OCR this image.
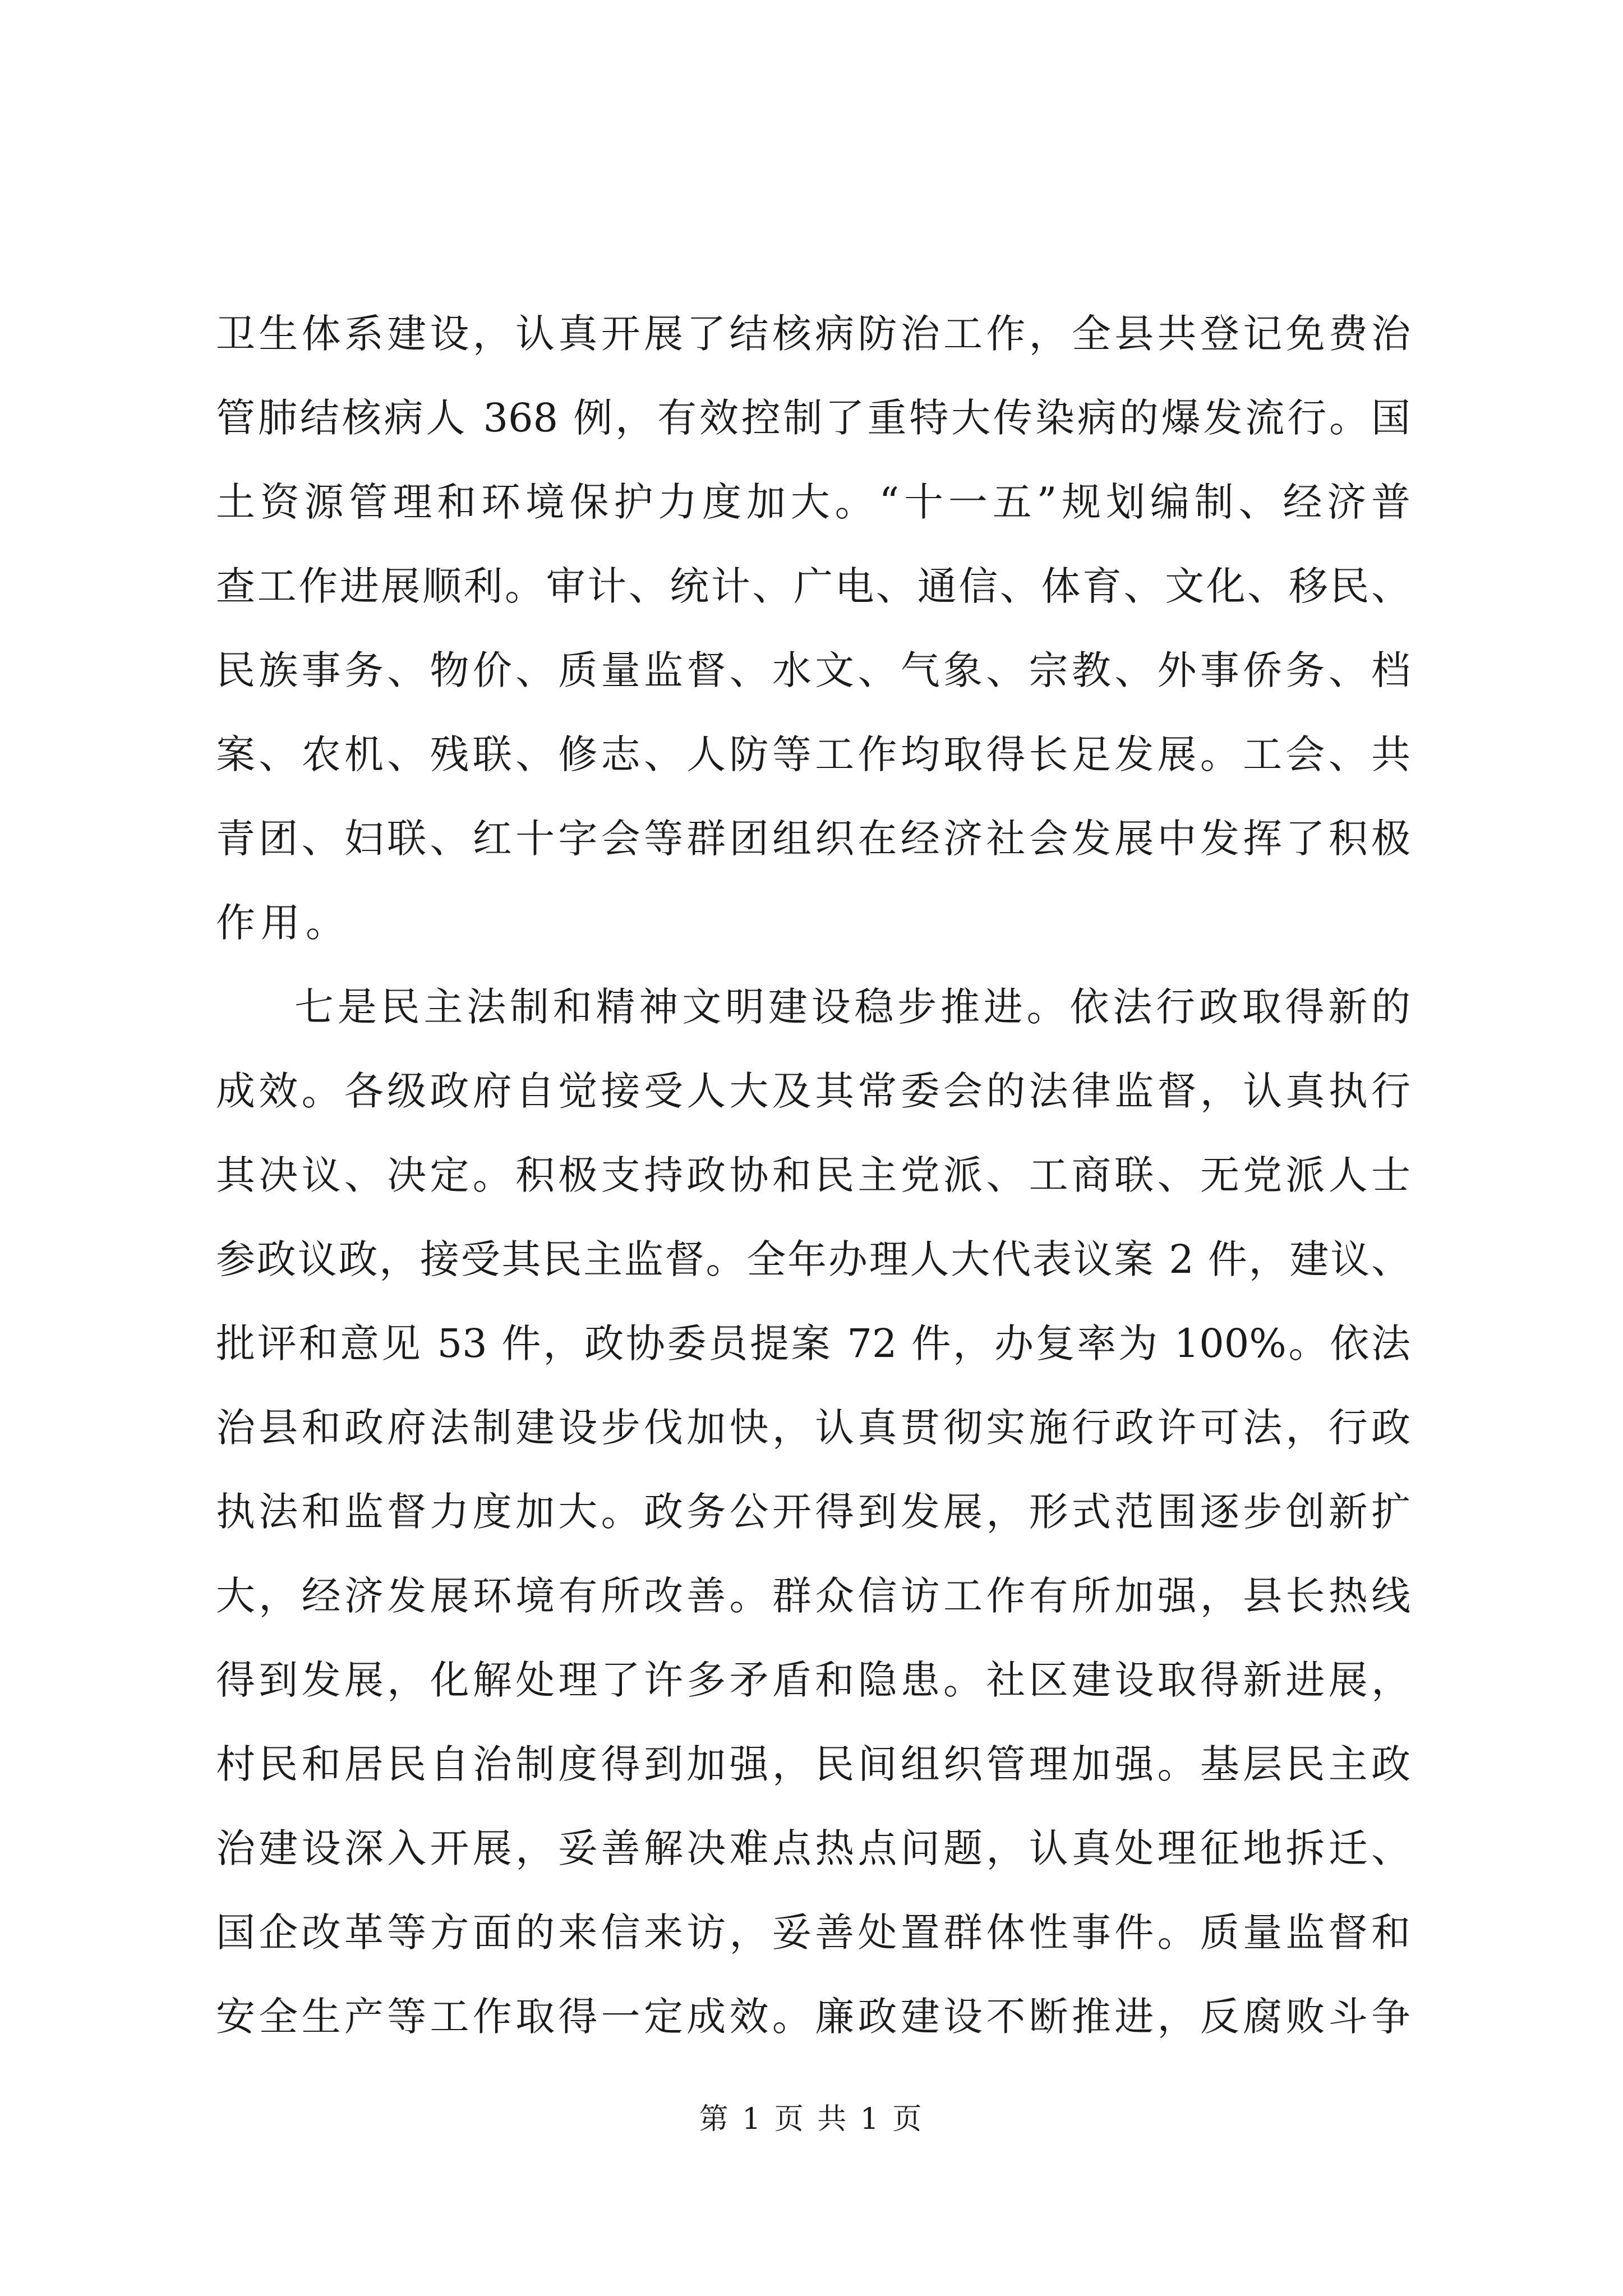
卫生体系建设，认真开展了结核病防治工作，全县共登记免费治
管肺结核病人 368 例，有效控制了重特大传染病的爆发流行。国
土资源管理和环境保护力度加大。“十一五”规划编制、经济普
查工作进展顺利。审计、统计、广电、通信、体育、文化、移民、
民族事务、物价、质量监督、水文、气象、宗教、外事侨务、档
案、农机、残联、修志、人防等工作均取得长足发展。工会、共
青团、妇联、红十字会等群团组织在经济社会发展中发挥了积极
作用。
七是民主法制和精神文明建设稳步推进。依法行政取得新的
成效。各级政府自觉接受人大及其常委会的法律监督，认真执行
其决议、决定。积极支持政协和民主党派、工商联、无党派人士
参政议政，接受其民主监督。全年办理人大代表议案 2 件，建议、
批评和意见 53 件，政协委员提案 72 件，办复率为 100%。依法
治县和政府法制建设步伐加快，认真贯彻实施行政许可法，行政
执法和监督力度加大。政务公开得到发展，形式范围逐步创新扩
大，经济发展环境有所改善。群众信访工作有所加强，县长热线
得到发展，化解处理了许多矛盾和隐患。社区建设取得新进展，
村民和居民自治制度得到加强，民间组织管理加强。基层民主政
治建设深入开展，妥善解决难点热点问题，认真处理征地拆迁、
国企改革等方面的来信来访，妥善处置群体性事件。质量监督和
安全生产等工作取得一定成效。廉政建设不断推进，反腐败斗争
第 1 页 共 1 页
